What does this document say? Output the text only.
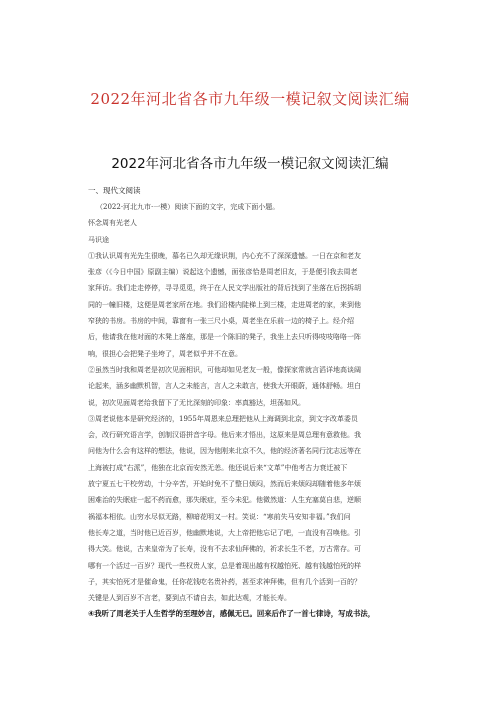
2022年河北省各市九年级一模记叙文阅读汇编
2022年河北省各市九年级一模记叙文阅读汇编
一、现代文阅读
（2022·河北九市·一模）阅读下面的文字，完成下面小题。
怀念周有光老人
马识途
①我认识周有光先生很晚，慕名已久却无缘识荆，内心充不了深深遗憾。一日在京和老友
张彦（《今日中国》原副主编）说起这个遗憾，面张彦恰是周老旧友，于是便引我去周老
家拜访。我们走走停停，寻寻觅觅，终于在人民文学出版社的背后找到了坐落在后拐拆胡
同的一幢旧楼，这便是周老家所在地。我们沿楼内陡梯上到三楼，走进周老的家，来到他
窄狭的书房。书房的中间，靠窗有一张三尺小桌，周老坐在乐前一边的椅子上。经介绍
后，他请我在他对面的木凳上落座，那是一个陈旧的凳子，我坐上去只听得吱吱咯咯一阵
响，很担心会把凳子坐垮了，周老似乎并不在意。
②虽然当时我和周老是初次见面相识，可他却如见老友一般，像探家常就言滔详地高谈阔
论起来，涵多幽默机智，言人之未能言，言人之未敢言，使我大开眼蔚，通体舒畅。坦白
说，初次见面周老给我留下了无比深刻的印象：率真豁达，坦荡如风。
③周老说他本是研究经济的，1955年周恩来总理把他从上海调到北京，到文字改革委员
会，改行研究语言学，创制汉语拼音字母。他后来才悟出，这原来是周总理有意救他。我
问他为什么会有这样的想法，他说，因为他刚来北京不久，他的经济著名同行沈志远等在
上海被打成“右派”，他独在北京而安然无恙。他还说后来“文革”中他考古力衰迁被下
放宁夏五七干校劳动，十分辛苦，开始时免不了整日烦闷，然而后来烦闷却随着他多年烦
困难治的失眠症一起不药而愈，那失眠症，至今未犯。他微然道：人生充塞莫自悲，逆顺
祸福本相依。山穷水尽似无路，柳暗花明又一村。笑说：“寒前失马安知非福。”我们问
他长寿之道，当时他已近百岁，他幽默地说，大上帝把他忘记了吧，一直没有召唤他。引
得大笑。他说，古来皇帝为了长寿，没有不去求仙拜佛的，祈求长生不老，万古常存。可
哪有一个活过一百岁？现代一些权贵人家，总是着现出越有权越怕死、越有钱越怕死的样
子，其实怕死才是催命鬼，任你花钱吃名贵补药，甚至求神拜佛，但有几个活到一百的？
关键是人到百岁不言老，要到点不请自去，如此达观，才能长寿。
④我听了周老关于人生哲学的至理妙言，感佩无已。回来后作了一首七律诗，写成书法，
